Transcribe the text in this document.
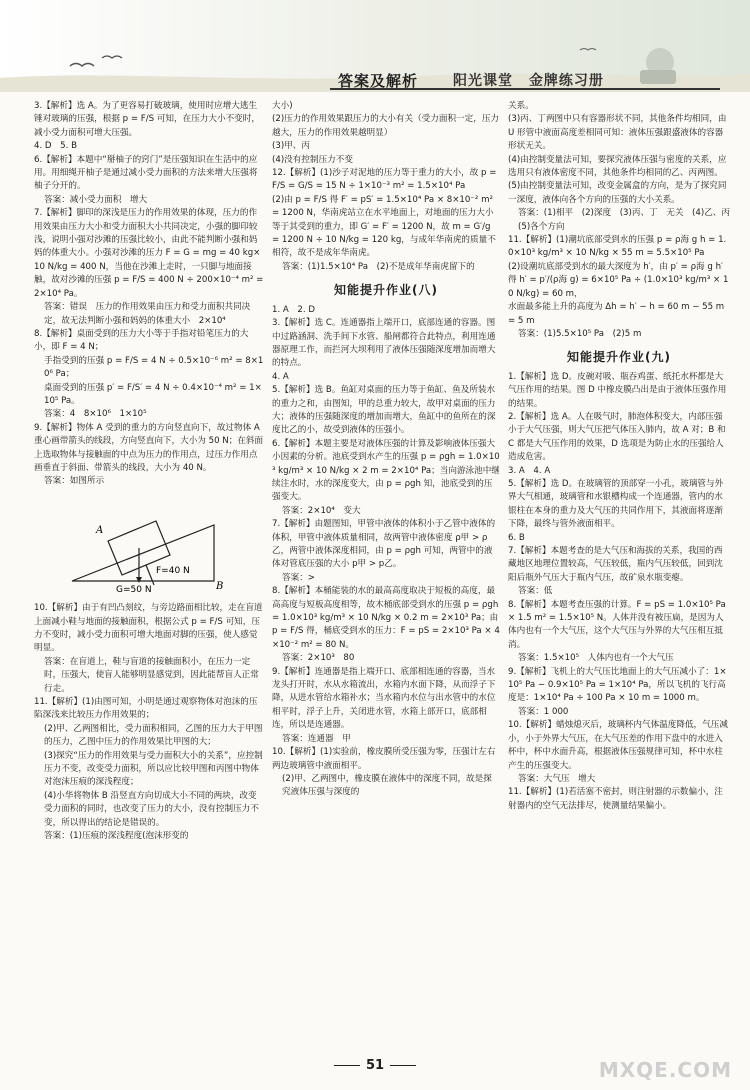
答案及解析 阳光课堂 金牌练习册

3.【解析】选 A。为了更容易打破玻璃，使用时应增大逃生锤对玻璃的压强，根据 p = F/S 可知，在压力大小不变时，减小受力面积可增大压强。

4. D　5. B

6.【解析】本题中“掰柚子的窍门”是压强知识在生活中的应用。用细绳开柚子是通过减小受力面积的方法来增大压强将柚子分开的。

答案：减小受力面积　增大

7.【解析】脚印的深浅是压力的作用效果的体现，压力的作用效果由压力大小和受力面积大小共同决定，小强的脚印较浅，说明小强对沙滩的压强比较小，由此不能判断小强和妈妈的体重大小。小强对沙滩的压力 F = G = mg = 40 kg×10 N/kg = 400 N，当他在沙滩上走时，一只脚与地面接触，故对沙滩的压强 p = F/S = 400 N ÷ 200×10⁻⁴ m² = 2×10⁴ Pa。

答案：错误　压力的作用效果由压力和受力面积共同决定，故无法判断小强和妈妈的体重大小　2×10⁴

8.【解析】桌面受到的压力大小等于手指对铅笔压力的大小，即 F = 4 N；

手指受到的压强 p = F/S = 4 N ÷ 0.5×10⁻⁶ m² = 8×10⁶ Pa；

桌面受到的压强 p′ = F/S′ = 4 N ÷ 0.4×10⁻⁴ m² = 1×10⁵ Pa。

答案：4　8×10⁶　1×10⁵

9.【解析】物体 A 受到的重力的方向竖直向下，故过物体 A 重心画带箭头的线段，方向竖直向下，大小为 50 N；在斜面上选取物体与接触面的中点为压力的作用点，过压力作用点画垂直于斜面、带箭头的线段，大小为 40 N。

答案：如图所示

A
B
F=40 N
G=50 N

10.【解析】由于有凹凸刻纹，与旁边路面相比较，走在盲道上面减小鞋与地面的接触面积，根据公式 p = F/S 可知，压力不变时，减小受力面积可增大地面对脚的压强，使人感觉明显。

答案：在盲道上，鞋与盲道的接触面积小，在压力一定时，压强大，使盲人能够明显感觉到，因此能帮盲人正常行走。

11.【解析】(1)由图可知，小明是通过观察物体对泡沫的压陷深浅来比较压力作用效果的；

(2)甲、乙两图相比，受力面积相同，乙图的压力大于甲图的压力，乙图中压力的作用效果比甲图的大；

(3)探究“压力的作用效果与受力面积大小的关系”，应控制压力不变，改变受力面积，所以应比较甲图和丙图中物体对泡沫压痕的深浅程度；

(4)小华将物体 B 沿竖直方向切成大小不同的两块，改变受力面积的同时，也改变了压力的大小，没有控制压力不变，所以得出的结论是错误的。

答案：(1)压痕的深浅程度(泡沫形变的

大小)

(2)压力的作用效果跟压力的大小有关（受力面积一定，压力越大，压力的作用效果越明显）

(3)甲、丙

(4)没有控制压力不变

12.【解析】(1)沙子对泥地的压力等于重力的大小，故 p = F/S = G/S = 15 N ÷ 1×10⁻³ m² = 1.5×10⁴ Pa

(2)由 p = F/S 得 F′ = pS′ = 1.5×10⁴ Pa × 8×10⁻² m² = 1200 N，华南虎站立在水平地面上，对地面的压力大小等于其受到的重力，即 G′ = F′ = 1200 N，故 m = G′/g = 1200 N ÷ 10 N/kg = 120 kg，与成年华南虎的质量不相符，故不是成年华南虎。

答案：(1)1.5×10⁴ Pa　(2)不是成年华南虎留下的

知能提升作业(八)

1. A　2. D

3.【解析】选 C。连通器指上端开口，底部连通的容器。图中过路涵洞、洗手间下水管、船闸都符合此特点，利用连通器原理工作，而拦河大坝利用了液体压强随深度增加而增大的特点。

4. A

5.【解析】选 B。鱼缸对桌面的压力等于鱼缸、鱼及所装水的重力之和，由图知，甲的总重力较大，故甲对桌面的压力大；液体的压强随深度的增加而增大，鱼缸中的鱼所在的深度比乙的小，故受到液体的压强小。

6.【解析】本题主要是对液体压强的计算及影响液体压强大小因素的分析。池底受到水产生的压强 p = ρgh = 1.0×10³ kg/m³ × 10 N/kg × 2 m = 2×10⁴ Pa；当向游泳池中继续注水时，水的深度变大，由 p = ρgh 知，池底受到的压强变大。

答案：2×10⁴　变大

7.【解析】由题图知，甲管中液体的体积小于乙管中液体的体积，甲管中液体质量相同，故两管中液体密度 ρ甲 > ρ乙，两管中液体深度相同，由 p = ρgh 可知，两管中的液体对管底压强的大小 p甲 > p乙。

答案：>

8.【解析】本桶能装的水的最高高度取决于短板的高度，最高高度与短板高度相等，故木桶底部受到水的压强 p = ρgh = 1.0×10³ kg/m³ × 10 N/kg × 0.2 m = 2×10³ Pa；由 p = F/S 得，桶底受到水的压力：F = pS = 2×10³ Pa × 4×10⁻² m² = 80 N。

答案：2×10³　80

9.【解析】连通器是指上端开口、底部相连通的容器，当水龙头打开时，水从水箱流出，水箱内水面下降，从而浮子下降，从进水管给水箱补水；当水箱内水位与出水管中的水位相平时，浮子上升，关闭进水管，水箱上部开口，底部相连，所以是连通器。

答案：连通器　甲

10.【解析】(1)实验前，橡皮膜所受压强为零，压强计左右两边玻璃管中液面相平。

(2)甲、乙两图中，橡皮膜在液体中的深度不同，故是探究液体压强与深度的

关系。

(3)丙、丁两图中只有容器形状不同，其他条件均相同，由 U 形管中液面高度差相同可知：液体压强跟盛液体的容器形状无关。

(4)由控制变量法可知，要探究液体压强与密度的关系，应选用只有液体密度不同，其他条件均相同的乙、丙两图。

(5)由控制变量法可知，改变金属盒的方向，是为了探究同一深度，液体向各个方向的压强的大小关系。

答案：(1)相平　(2)深度　(3)丙、丁　无关　(4)乙、丙　(5)各个方向

11.【解析】(1)潮坑底部受到水的压强 p = ρ海 g h = 1.0×10³ kg/m³ × 10 N/kg × 55 m = 5.5×10⁵ Pa

(2)设潮坑底部受到水的最大深度为 h′，由 p′ = ρ海 g h′ 得 h′ = p′/(ρ海 g) = 6×10⁵ Pa ÷ (1.0×10³ kg/m³ × 10 N/kg) = 60 m，

水面最多能上升的高度为 Δh = h′ − h = 60 m − 55 m = 5 m

答案：(1)5.5×10⁵ Pa　(2)5 m

知能提升作业(九)

1.【解析】选 D。皮碗对吸、瓶吞鸡蛋、纸托水杯都是大气压作用的结果。图 D 中橡皮膜凸出是由于液体压强作用的结果。

2.【解析】选 A。人在吸气时，肺泡体积变大，内部压强小于大气压强，则大气压把气体压入肺内，故 A 对；B 和 C 都是大气压作用的效果，D 选项是为防止水的压强给人造成危害。

3. A　4. A

5.【解析】选 D。在玻璃管的顶部穿一小孔，玻璃管与外界大气相通，玻璃管和水银槽构成一个连通器，管内的水银柱在本身的重力及大气压的共同作用下，其液面将逐渐下降，最终与管外液面相平。

6. B

7.【解析】本题考查的是大气压和海拔的关系，我国的西藏地区地理位置较高，气压较低，瓶内气压较低，回到沈阳后瓶外气压大于瓶内气压，故矿泉水瓶变瘪。

答案：低

8.【解析】本题考查压强的计算。F = pS = 1.0×10⁵ Pa × 1.5 m² = 1.5×10⁵ N。人体并没有被压扁，是因为人体内也有一个大气压，这个大气压与外界的大气压相互抵消。

答案：1.5×10⁵　人体内也有一个大气压

9.【解析】飞机上的大气压比地面上的大气压减小了：1×10⁵ Pa − 0.9×10⁵ Pa = 1×10⁴ Pa，所以飞机的飞行高度是：1×10⁴ Pa ÷ 100 Pa × 10 m = 1000 m。

答案：1 000

10.【解析】蜡烛熄灭后，玻璃杯内气体温度降低，气压减小，小于外界大气压，在大气压差的作用下盘中的水进入杯中，杯中水面升高，根据液体压强规律可知，杯中水柱产生的压强变大。

答案：大气压　增大

11.【解析】(1)若活塞不密封，则注射器的示数偏小，注射器内的空气无法排尽，使测量结果偏小。

51	MXQE.COM
